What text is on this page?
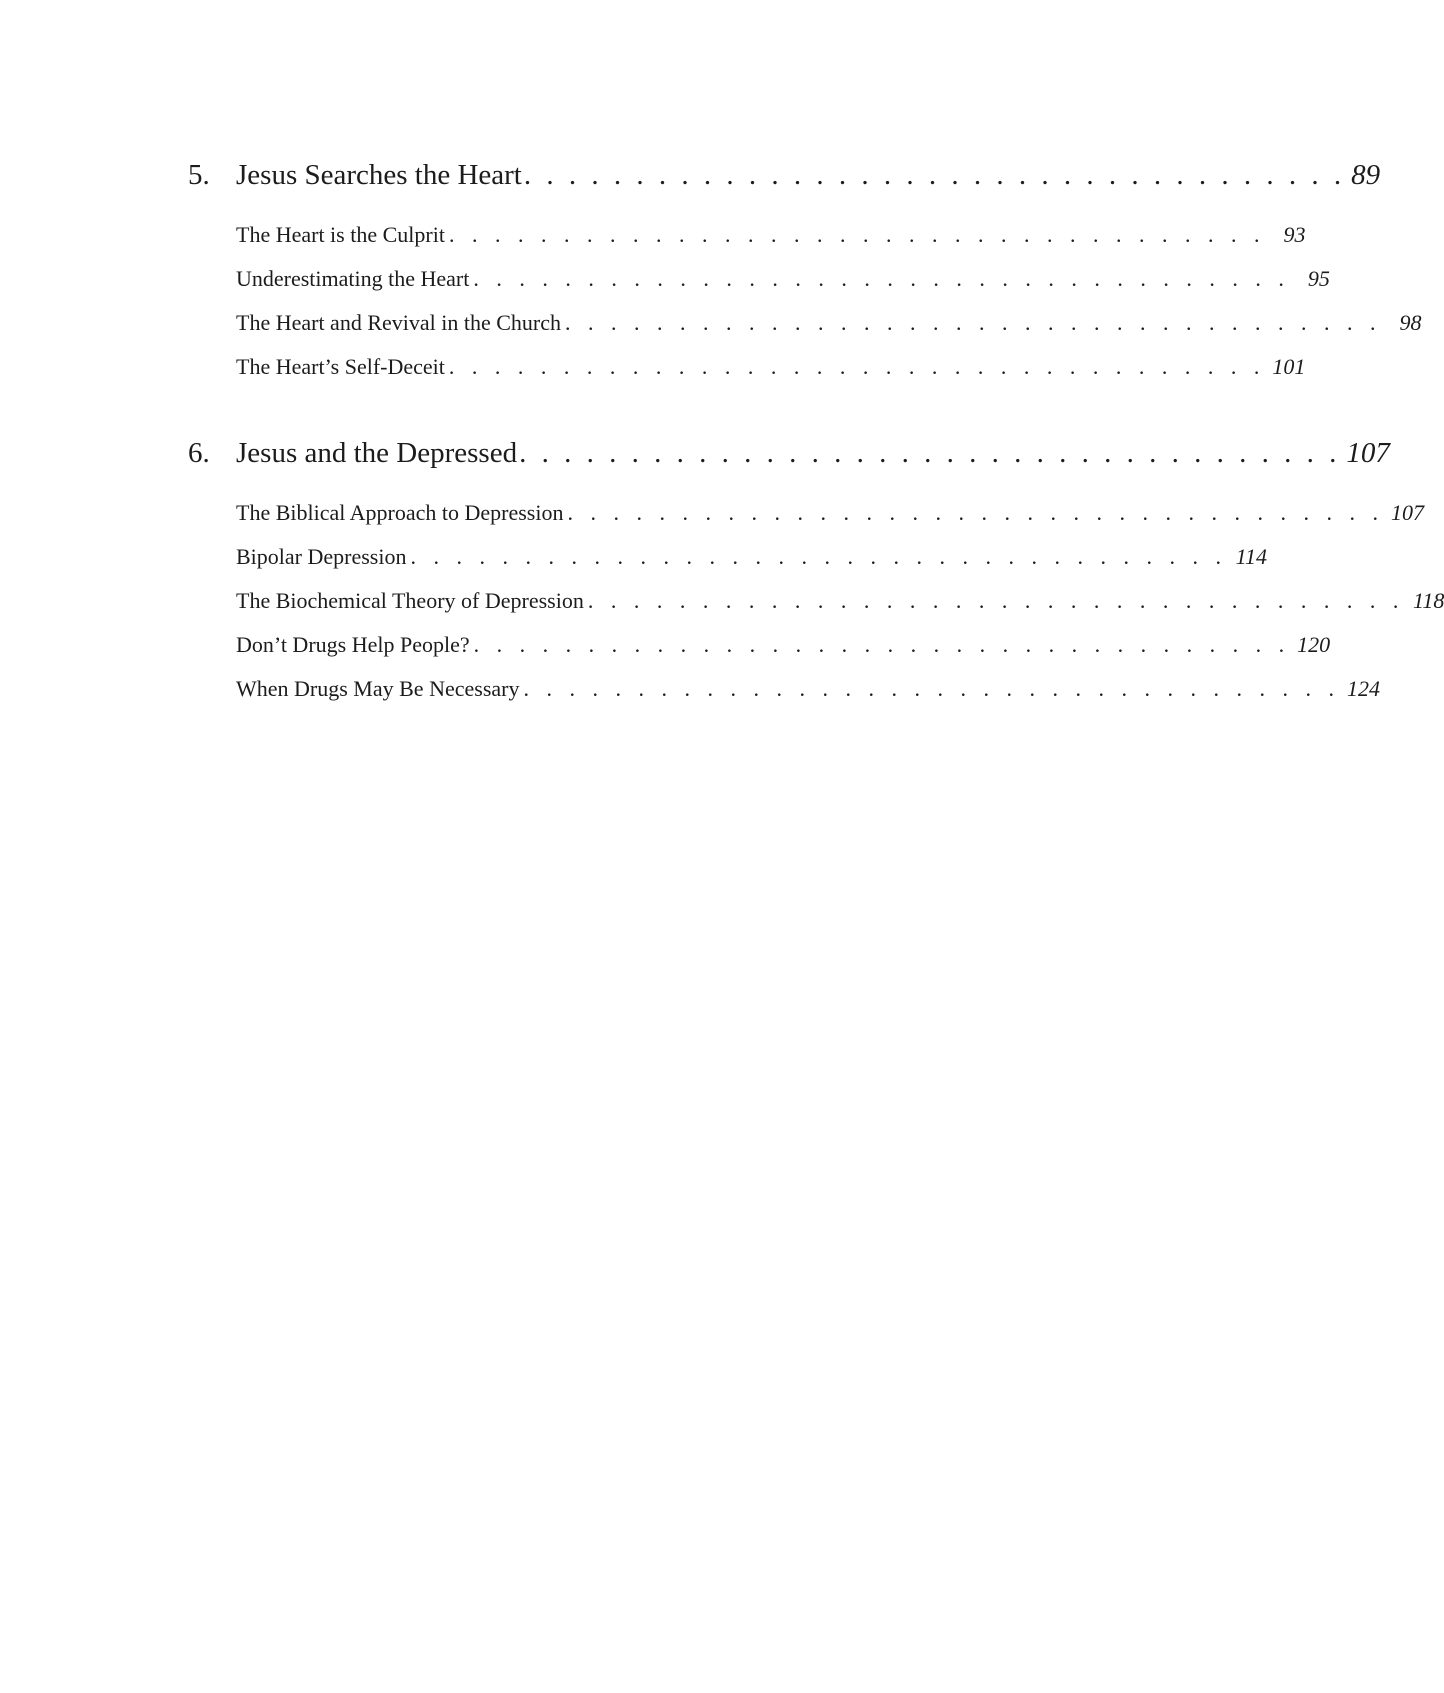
5. Jesus Searches the Heart . . . . . . . . . . . . . . . . . . . . . . . . . . . . . . . . . . . . . 89
The Heart is the Culprit . . . . . . . . . . . . . . . . . . . . . . . . . . . . . . . . . . . . 93
Underestimating the Heart . . . . . . . . . . . . . . . . . . . . . . . . . . . . . . . . . . . . 95
The Heart and Revival in the Church . . . . . . . . . . . . . . . . . . . . . . . . . . . . . . . . . . . . 98
The Heart’s Self-Deceit . . . . . . . . . . . . . . . . . . . . . . . . . . . . . . . . . . . . 101
6. Jesus and the Depressed . . . . . . . . . . . . . . . . . . . . . . . . . . . . . . . . . . . . . 107
The Biblical Approach to Depression . . . . . . . . . . . . . . . . . . . . . . . . . . . . . . . . . . . . 107
Bipolar Depression . . . . . . . . . . . . . . . . . . . . . . . . . . . . . . . . . . . . 114
The Biochemical Theory of Depression . . . . . . . . . . . . . . . . . . . . . . . . . . . . . . . . . . . . 118
Don’t Drugs Help People? . . . . . . . . . . . . . . . . . . . . . . . . . . . . . . . . . . . . 120
When Drugs May Be Necessary . . . . . . . . . . . . . . . . . . . . . . . . . . . . . . . . . . . . 124
